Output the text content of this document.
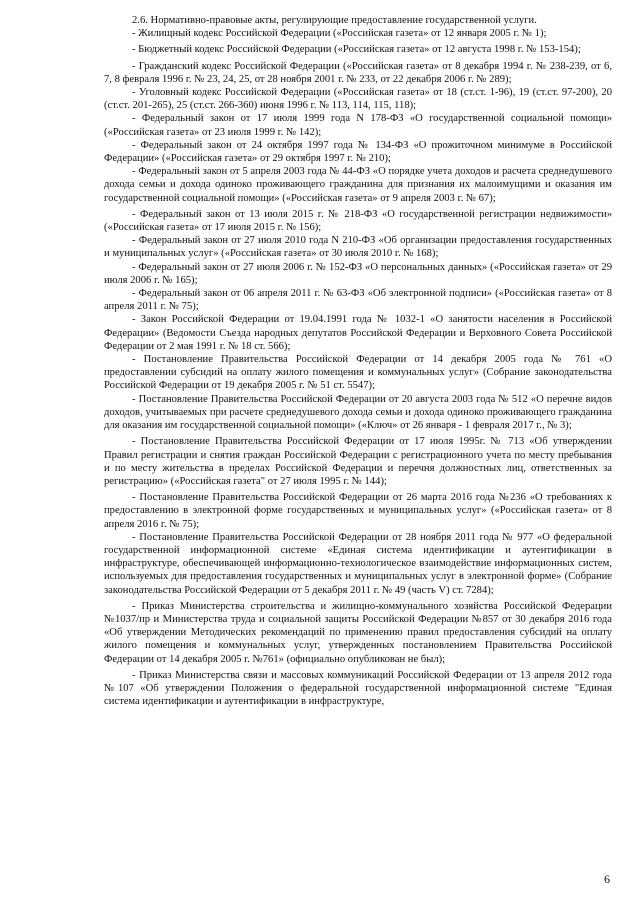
2.6. Нормативно-правовые акты, регулирующие предоставление государственной услуги.

- Жилищный кодекс Российской Федерации («Российская газета» от 12 января 2005 г. № 1);

- Бюджетный кодекс Российской Федерации («Российская газета» от 12 августа 1998 г. № 153-154);

- Гражданский кодекс Российской Федерации («Российская газета» от 8 декабря 1994 г. № 238-239, от 6, 7, 8 февраля 1996 г. № 23, 24, 25, от 28 ноября 2001 г. № 233, от 22 декабря 2006 г. № 289);

- Уголовный кодекс Российской Федерации («Российская газета» от 18 (ст.ст. 1-96), 19 (ст.ст. 97-200), 20 (ст.ст. 201-265), 25 (ст.ст. 266-360) июня 1996 г. № 113, 114, 115, 118);

- Федеральный закон от 17 июля 1999 года N 178-ФЗ «О государственной социальной помощи» («Российская газета» от 23 июля 1999 г. № 142);

- Федеральный закон от 24 октября 1997 года № 134-ФЗ «О прожиточном минимуме в Российской Федерации» («Российская газета» от 29 октября 1997 г. № 210);

- Федеральный закон от 5 апреля 2003 года № 44-ФЗ «О порядке учета доходов и расчета среднедушевого дохода семьи и дохода одиноко проживающего гражданина для признания их малоимущими и оказания им государственной социальной помощи» («Российская газета» от 9 апреля 2003 г. № 67);

- Федеральный закон от 13 июля 2015 г. № 218-ФЗ «О государственной регистрации недвижимости» («Российская газета» от 17 июля 2015 г. № 156);

- Федеральный закон от 27 июля 2010 года N 210-ФЗ «Об организации предоставления государственных и муниципальных услуг» («Российская газета» от 30 июля 2010 г. № 168);

- Федеральный закон от 27 июля 2006 г. № 152-ФЗ «О персональных данных» («Российская газета» от 29 июля 2006 г. № 165);

- Федеральный закон от 06 апреля 2011 г. № 63-ФЗ «Об электронной подписи» («Российская газета» от 8 апреля 2011 г. № 75);

- Закон Российской Федерации от 19.04.1991 года № 1032-1 «О занятости населения в Российской Федерации» (Ведомости Съезда народных депутатов Российской Федерации и Верховного Совета Российской Федерации от 2 мая 1991 г. № 18 ст. 566);

- Постановление Правительства Российской Федерации от 14 декабря 2005 года № 761 «О предоставлении субсидий на оплату жилого помещения и коммунальных услуг» (Собрание законодательства Российской Федерации от 19 декабря 2005 г. № 51 ст. 5547);

- Постановление Правительства Российской Федерации от 20 августа 2003 года № 512 «О перечне видов доходов, учитываемых при расчете среднедушевого дохода семьи и дохода одиноко проживающего гражданина для оказания им государственной социальной помощи» («Ключ» от 26 января - 1 февраля 2017 г., № 3);

- Постановление Правительства Российской Федерации от 17 июля 1995г. № 713 «Об утверждении Правил регистрации и снятия граждан Российской Федерации с регистрационного учета по месту пребывания и по месту жительства в пределах Российской Федерации и перечня должностных лиц, ответственных за регистрацию» («Российская газета" от 27 июля 1995 г. № 144);

- Постановление Правительства Российской Федерации от 26 марта 2016 года №236 «О требованиях к предоставлению в электронной форме государственных и муниципальных услуг» («Российская газета» от 8 апреля 2016 г. № 75);

- Постановление Правительства Российской Федерации от 28 ноября 2011 года № 977 «О федеральной государственной информационной системе «Единая система идентификации и аутентификации в инфраструктуре, обеспечивающей информационно-технологическое взаимодействие информационных систем, используемых для предоставления государственных и муниципальных услуг в электронной форме» (Собрание законодательства Российской Федерации от 5 декабря 2011 г. № 49 (часть V) ст. 7284);

- Приказ Министерства строительства и жилищно-коммунального хозяйства Российской Федерации №1037/пр и Министерства труда и социальной защиты Российской Федерации №857 от 30 декабря 2016 года «Об утверждении Методических рекомендаций по применению правил предоставления субсидий на оплату жилого помещения и коммунальных услуг, утвержденных постановлением Правительства Российской Федерации от 14 декабря 2005 г. №761» (официально опубликован не был);

- Приказ Министерства связи и массовых коммуникаций Российской Федерации от 13 апреля 2012 года №107 «Об утверждении Положения о федеральной государственной информационной системе "Единая система идентификации и аутентификации в инфраструктуре,

6
